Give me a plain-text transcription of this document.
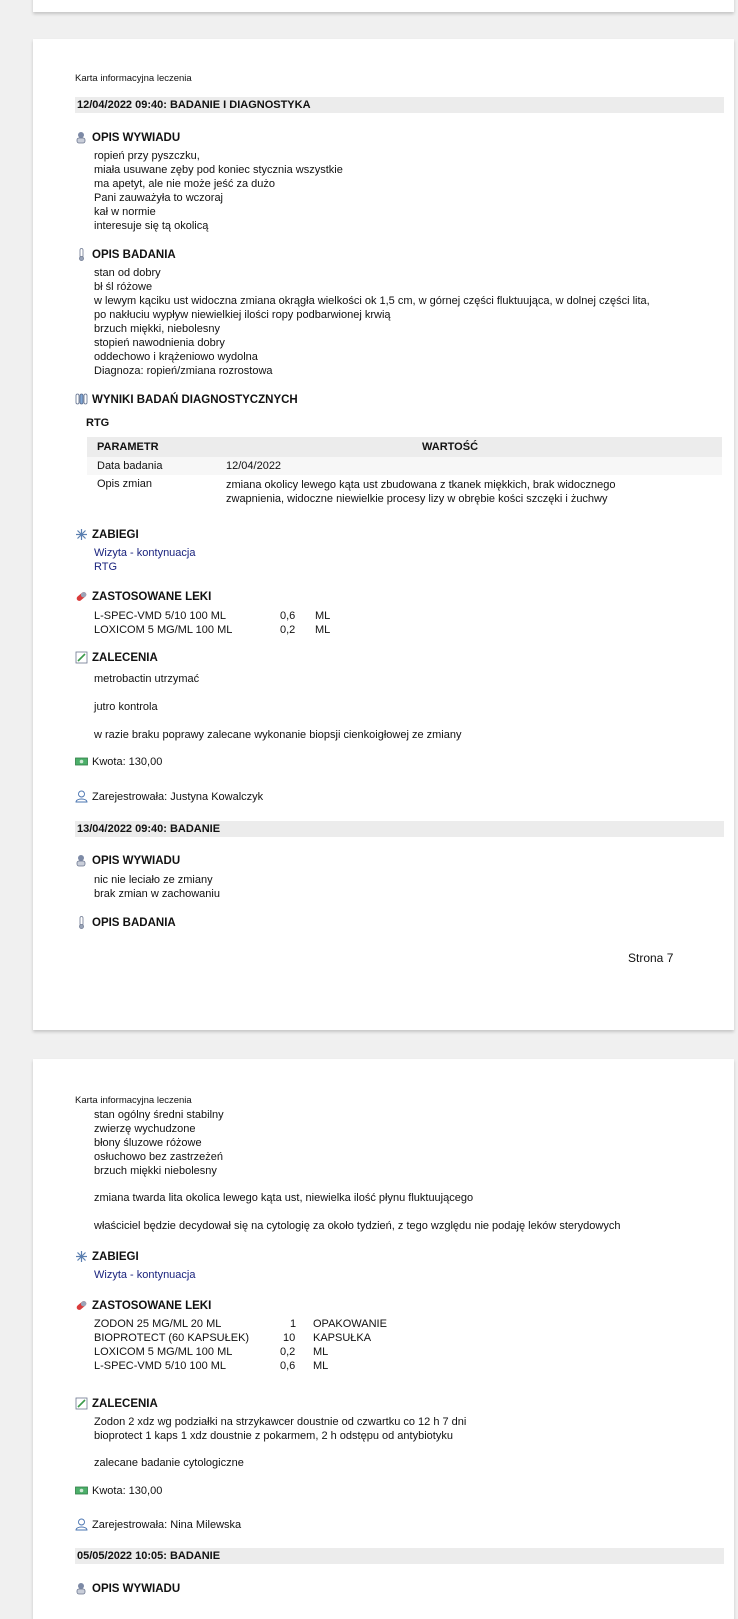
Karta informacyjna leczenia
12/04/2022 09:40: BADANIE I DIAGNOSTYKA
OPIS WYWIADU
ropień przy pyszczku,
miała usuwane zęby pod koniec stycznia wszystkie
ma apetyt, ale nie może jeść za dużo
Pani zauważyła to wczoraj
kał w normie
interesuje się tą okolicą
OPIS BADANIA
stan od dobry
bł śl różowe
w lewym kąciku ust widoczna zmiana okrągła wielkości ok 1,5 cm, w górnej części fluktuująca, w dolnej części lita,
po nakłuciu wypływ niewielkiej ilości ropy podbarwionej krwią
brzuch miękki, niebolesny
stopień nawodnienia dobry
oddechowo i krążeniowo wydolna
Diagnoza: ropień/zmiana rozrostowa
WYNIKI BADAŃ DIAGNOSTYCZNYCH
RTG
PARAMETR	WARTOŚĆ
Data badania	12/04/2022
Opis zmian	zmiana okolicy lewego kąta ust zbudowana z tkanek miękkich, brak widocznego
zwapnienia, widoczne niewielkie procesy lizy w obrębie kości szczęki i żuchwy
ZABIEGI
Wizyta - kontynuacja
RTG
ZASTOSOWANE LEKI
L-SPEC-VMD 5/10 100 ML	0,6 ML
LOXICOM 5 MG/ML 100 ML	0,2 ML
ZALECENIA
metrobactin utrzymać
jutro kontrola
w razie braku poprawy zalecane wykonanie biopsji cienkoigłowej ze zmiany
Kwota: 130,00
Zarejestrowała: Justyna Kowalczyk
13/04/2022 09:40: BADANIE
OPIS WYWIADU
nic nie leciało ze zmiany
brak zmian w zachowaniu
OPIS BADANIA
Strona 7
Karta informacyjna leczenia
stan ogólny średni stabilny
zwierzę wychudzone
błony śluzowe różowe
osłuchowo bez zastrzeżeń
brzuch miękki niebolesny
zmiana twarda lita okolica lewego kąta ust, niewielka ilość płynu fluktuującego
właściciel będzie decydował się na cytologię za około tydzień, z tego względu nie podaję leków sterydowych
ZABIEGI
Wizyta - kontynuacja
ZASTOSOWANE LEKI
ZODON 25 MG/ML 20 ML	1 OPAKOWANIE
BIOPROTECT (60 KAPSUŁEK)	10 KAPSUŁKA
LOXICOM 5 MG/ML 100 ML	0,2 ML
L-SPEC-VMD 5/10 100 ML	0,6 ML
ZALECENIA
Zodon 2 xdz wg podziałki na strzykawcer doustnie od czwartku co 12 h 7 dni
bioprotect 1 kaps 1 xdz doustnie z pokarmem, 2 h odstępu od antybiotyku
zalecane badanie cytologiczne
Kwota: 130,00
Zarejestrowała: Nina Milewska
05/05/2022 10:05: BADANIE
OPIS WYWIADU
